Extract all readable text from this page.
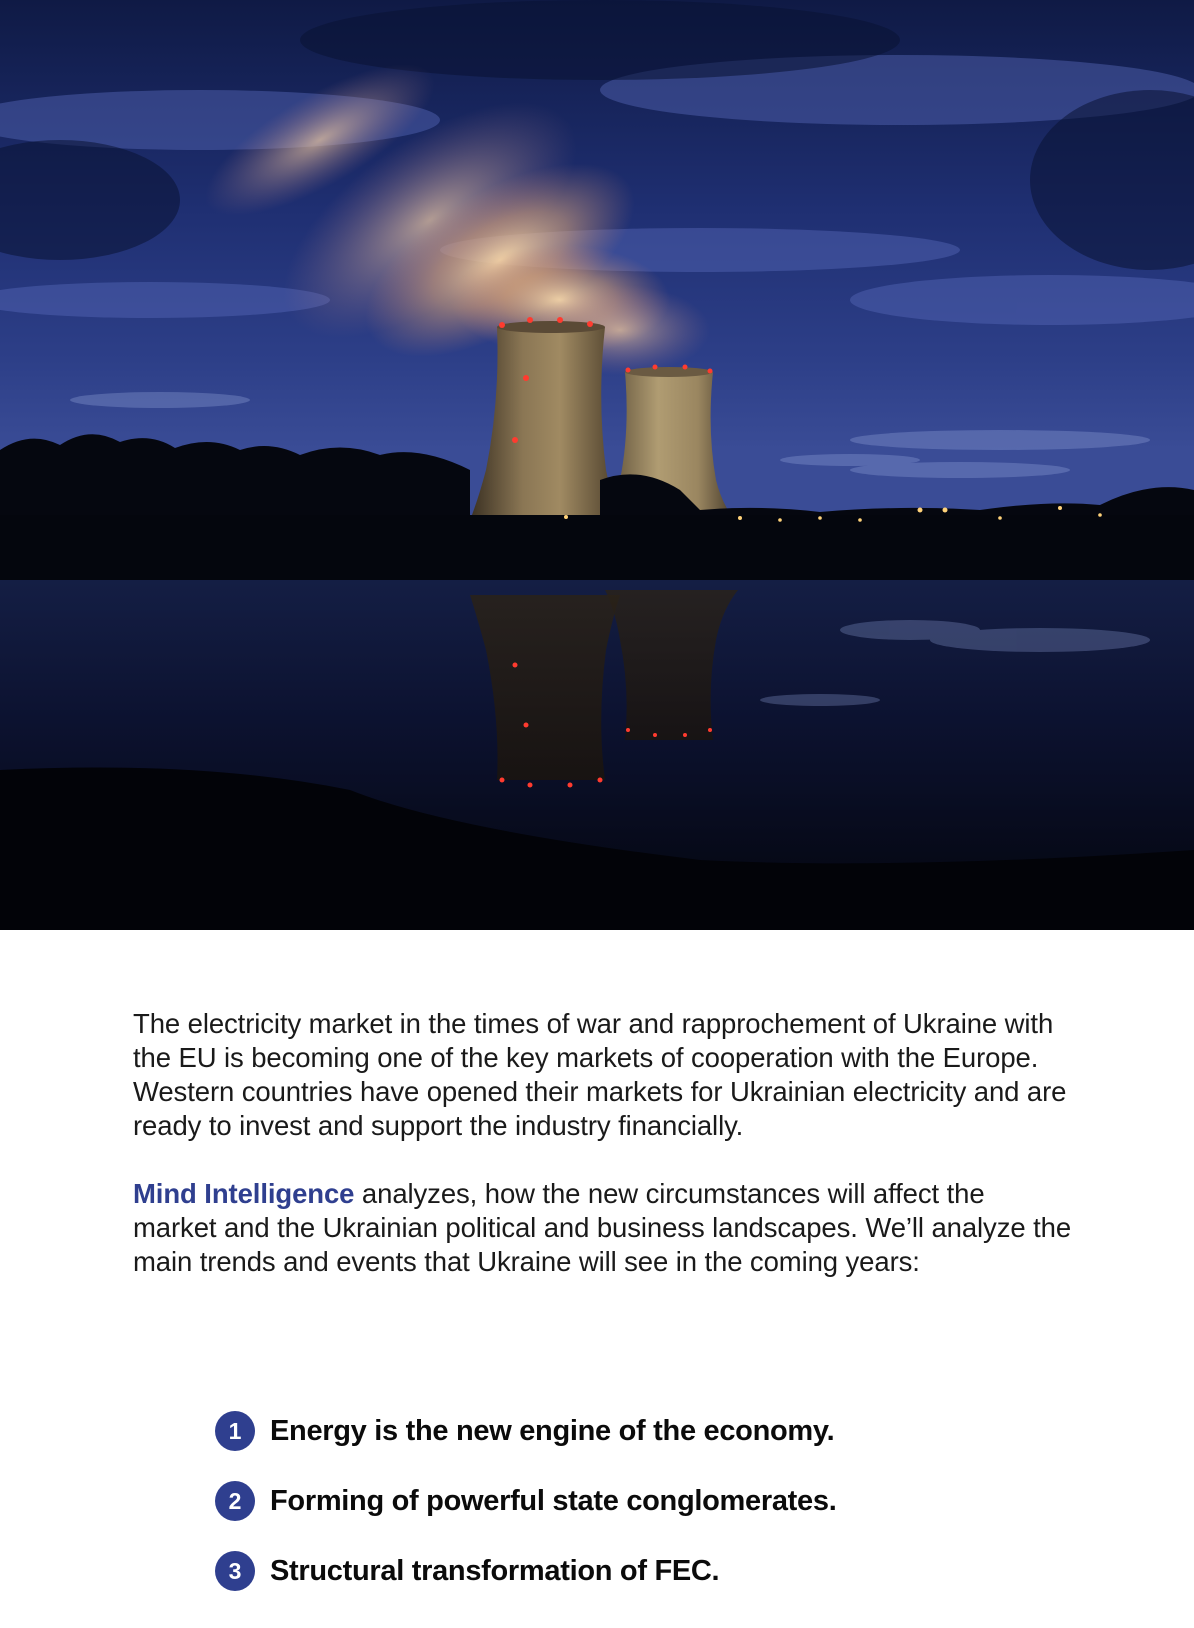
The electricity market in the times of war and rapprochement of Ukraine with the EU is becoming one of the key markets of cooperation with the Europe. Western countries have opened their markets for Ukrainian electricity and are ready to invest and support the industry financially.

Mind Intelligence analyzes, how the new circumstances will affect the market and the Ukrainian political and business landscapes. We’ll analyze the main trends and events that Ukraine will see in the coming years:

1 Energy is the new engine of the economy.
2 Forming of powerful state conglomerates.
3 Structural transformation of FEC.
